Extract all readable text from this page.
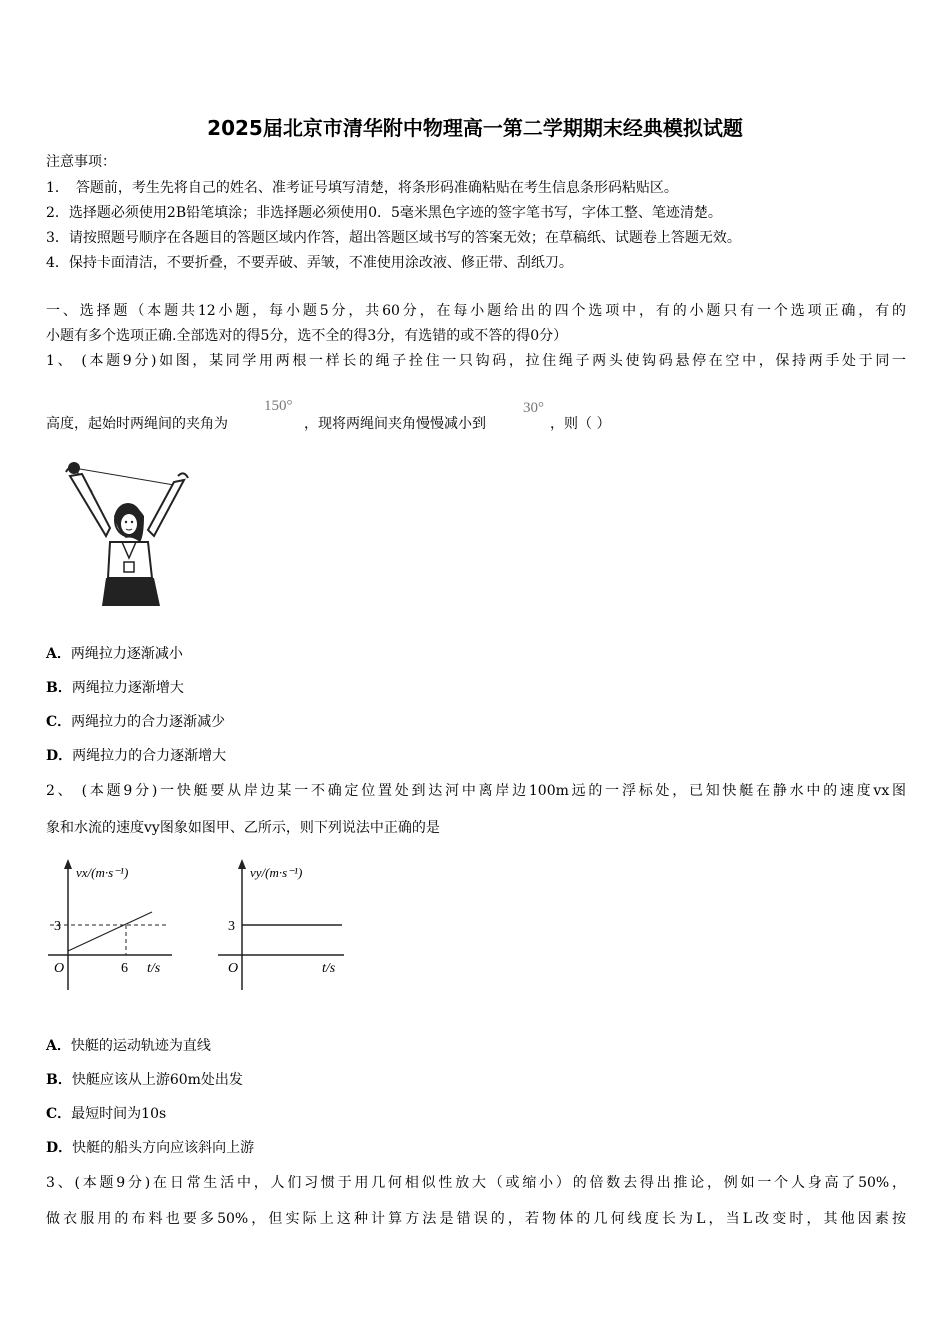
2025届北京市清华附中物理高一第二学期期末经典模拟试题
注意事项：
1．　答题前，考生先将自己的姓名、准考证号填写清楚，将条形码准确粘贴在考生信息条形码粘贴区。
2．选择题必须使用2B铅笔填涂；非选择题必须使用0．5毫米黑色字迹的签字笔书写，字体工整、笔迹清楚。
3．请按照题号顺序在各题目的答题区域内作答，超出答题区域书写的答案无效；在草稿纸、试题卷上答题无效。
4．保持卡面清洁，不要折叠，不要弄破、弄皱，不准使用涂改液、修正带、刮纸刀。
一、选择题（本题共12小题，每小题5分，共60分，在每小题给出的四个选项中，有的小题只有一个选项正确，有的
小题有多个选项正确.全部选对的得5分，选不全的得3分，有选错的或不答的得0分）
1、 (本题9分)如图，某同学用两根一样长的绳子拴住一只钩码，拉住绳子两头使钩码悬停在空中，保持两手处于同一
高度，起始时两绳间的夹角为
150°
，现将两绳间夹角慢慢减小到
30°
，则（ ）
A．两绳拉力逐渐减小
B．两绳拉力逐渐增大
C．两绳拉力的合力逐渐减少
D．两绳拉力的合力逐渐增大
2、 (本题9分)一快艇要从岸边某一不确定位置处到达河中离岸边100m远的一浮标处，已知快艇在静水中的速度vx图
象和水流的速度vy图象如图甲、乙所示，则下列说法中正确的是
vx/(m·s⁻¹)
3
O	6 t/s
vy/(m·s⁻¹)
3
O	t/s
A．快艇的运动轨迹为直线
B．快艇应该从上游60m处出发
C．最短时间为10s
D．快艇的船头方向应该斜向上游
3、(本题9分)在日常生活中，人们习惯于用几何相似性放大（或缩小）的倍数去得出推论，例如一个人身高了50%，
做衣服用的布料也要多50%，但实际上这种计算方法是错误的，若物体的几何线度长为L，当L改变时，其他因素按
